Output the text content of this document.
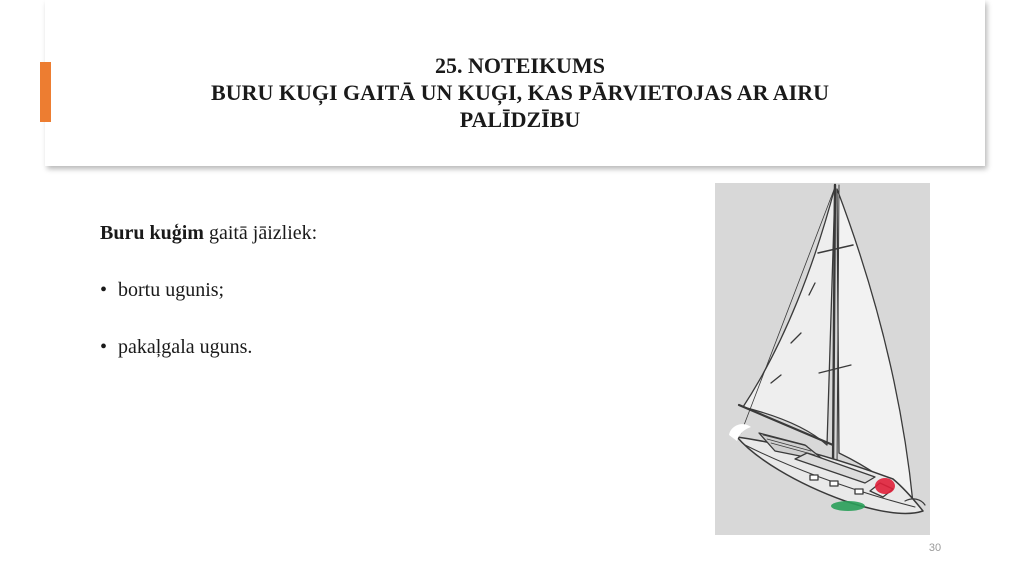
25. NOTEIKUMS
BURU KUĢI GAITĀ UN KUĢI, KAS PĀRVIETOJAS AR AIRU
PALĪDZĪBU

Buru kuģim gaitā jāizliek:

• bortu ugunis;

• pakaļgala uguns.

30
